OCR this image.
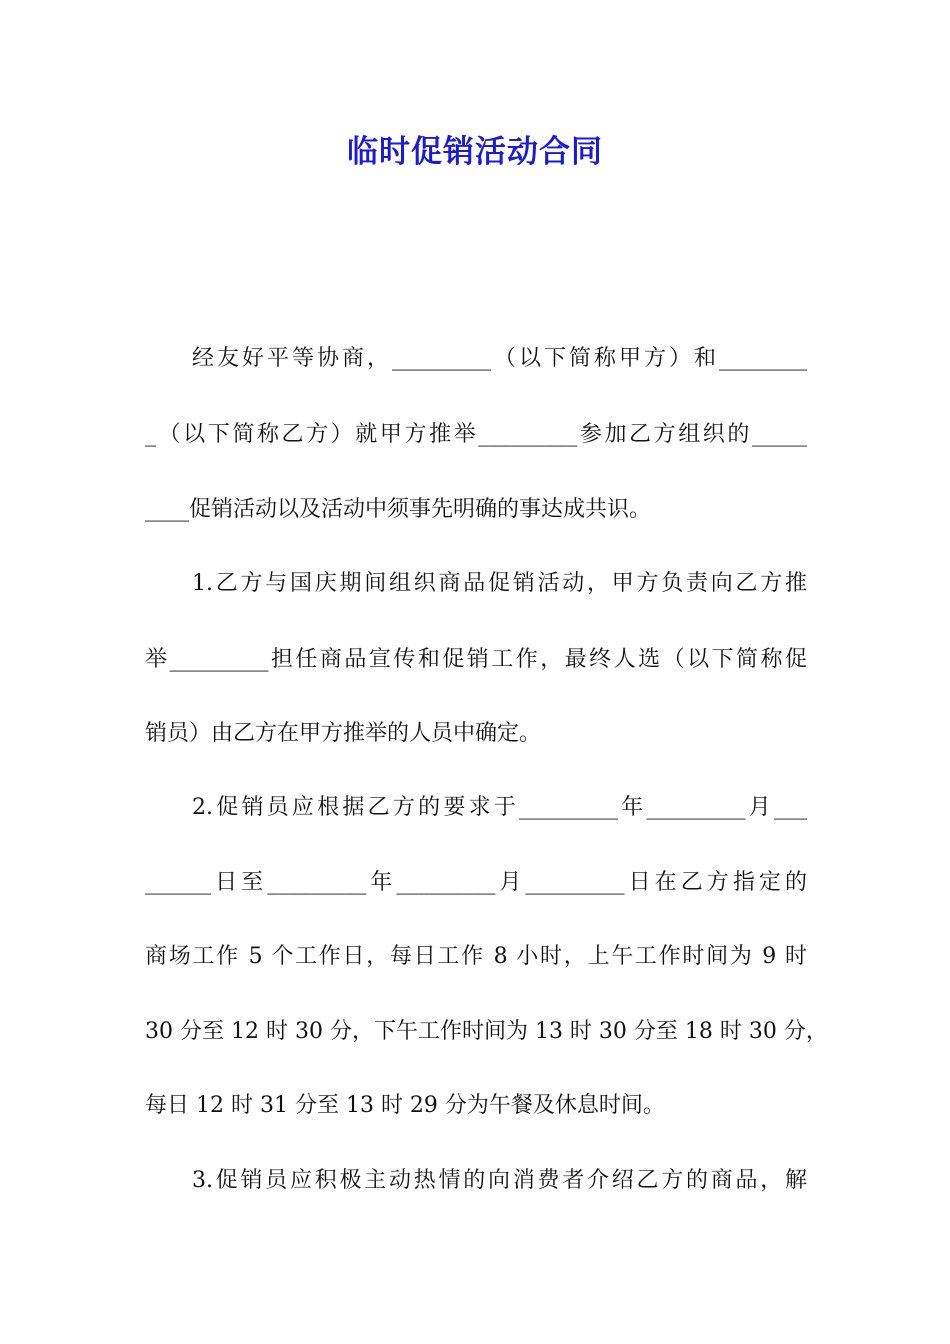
临时促销活动合同
经友好平等协商，_________（以下简称甲方）和________
_（以下简称乙方）就甲方推举_________参加乙方组织的_____
____促销活动以及活动中须事先明确的事达成共识。
1.乙方与国庆期间组织商品促销活动，甲方负责向乙方推
举_________担任商品宣传和促销工作，最终人选（以下简称促
销员）由乙方在甲方推举的人员中确定。
2.促销员应根据乙方的要求于_________年_________月___
______日至_________年_________月_________日在乙方指定的
商场工作 5 个工作日，每日工作 8 小时，上午工作时间为 9 时
30 分至 12 时 30 分，下午工作时间为 13 时 30 分至 18 时 30 分，
每日 12 时 31 分至 13 时 29 分为午餐及休息时间。
3.促销员应积极主动热情的向消费者介绍乙方的商品，解
